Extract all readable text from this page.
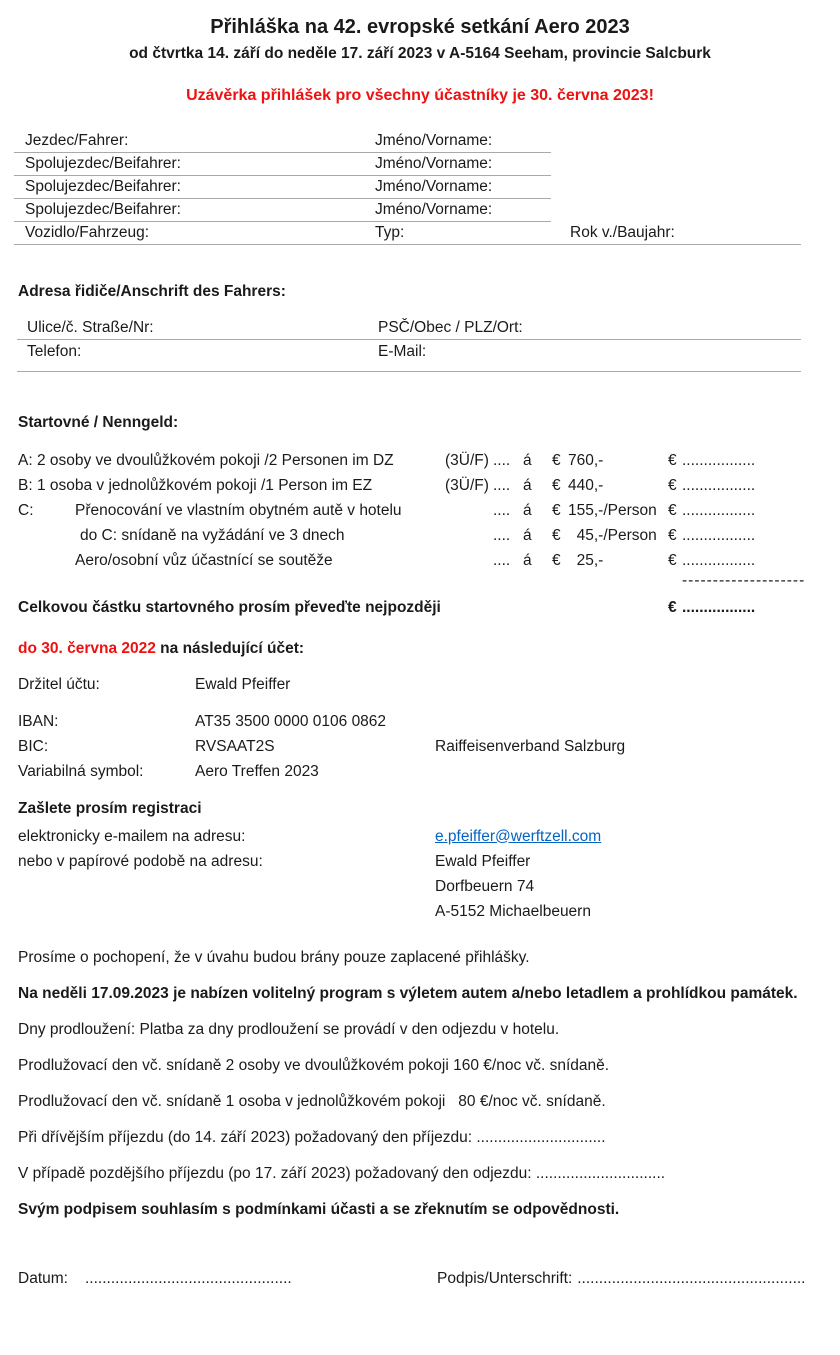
Přihláška na 42. evropské setkání Aero 2023
od čtvrtka 14. září do neděle 17. září 2023 v A-5164 Seeham, provincie Salcburk
Uzávěrka přihlášek pro všechny účastníky je 30. června 2023!
Jezdec/Fahrer:	Jméno/Vorname:
Spolujezdec/Beifahrer:	Jméno/Vorname:
Spolujezdec/Beifahrer:	Jméno/Vorname:
Spolujezdec/Beifahrer:	Jméno/Vorname:
Vozidlo/Fahrzeug:	Typ:	Rok v./Baujahr:
Adresa řidiče/Anschrift des Fahrers:
Ulice/č. Straße/Nr:	PSČ/Obec / PLZ/Ort:
Telefon:	E-Mail:
Startovné / Nenngeld:
A: 2 osoby ve dvoulůžkovém pokoji /2 Personen im DZ	(3Ü/F) .... á	€ 760,-	€ .................
B: 1 osoba v jednolůžkovém pokoji /1 Person im EZ	(3Ü/F) .... á	€ 440,-	€ .................
C:	Přenocování ve vlastním obytném autě v hotelu	.... á	€ 155,-/Person € .................
do C: snídaně na vyžádání ve 3 dnech	.... á	€ 45,-/Person € .................
Aero/osobní vůz účastnící se soutěže	.... á	€ 25,-	€ .................
--------------------
Celkovou částku startovného prosím převeďte nejpozději	€ .................
do 30. června 2022 na následující účet:
Držitel účtu:	Ewald Pfeiffer
IBAN:	AT35 3500 0000 0106 0862
BIC:	RVSAAT2S	Raiffeisenverband Salzburg
Variabilná symbol:	Aero Treffen 2023
Zašlete prosím registraci
elektronicky e-mailem na adresu:	e.pfeiffer@werftzell.com
nebo v papírové podobě na adresu:	Ewald Pfeiffer
Dorfbeuern 74
A-5152 Michaelbeuern

Prosíme o pochopení, že v úvahu budou brány pouze zaplacené přihlášky.

Na neděli 17.09.2023 je nabízen volitelný program s výletem autem a/nebo letadlem a prohlídkou památek.

Dny prodloužení: Platba za dny prodloužení se provádí v den odjezdu v hotelu.

Prodlužovací den vč. snídaně 2 osoby ve dvoulůžkovém pokoji 160 €/noc vč. snídaně.

Prodlužovací den vč. snídaně 1 osoba v jednolůžkovém pokoji   80 €/noc vč. snídaně.

Při dřívějším příjezdu (do 14. září 2023) požadovaný den příjezdu: ..............................

V případě pozdějšího příjezdu (po 17. září 2023) požadovaný den odjezdu: ..............................

Svým podpisem souhlasím s podmínkami účasti a se zřeknutím se odpovědnosti.

Datum:	................................................	Podpis/Unterschrift: .....................................................
